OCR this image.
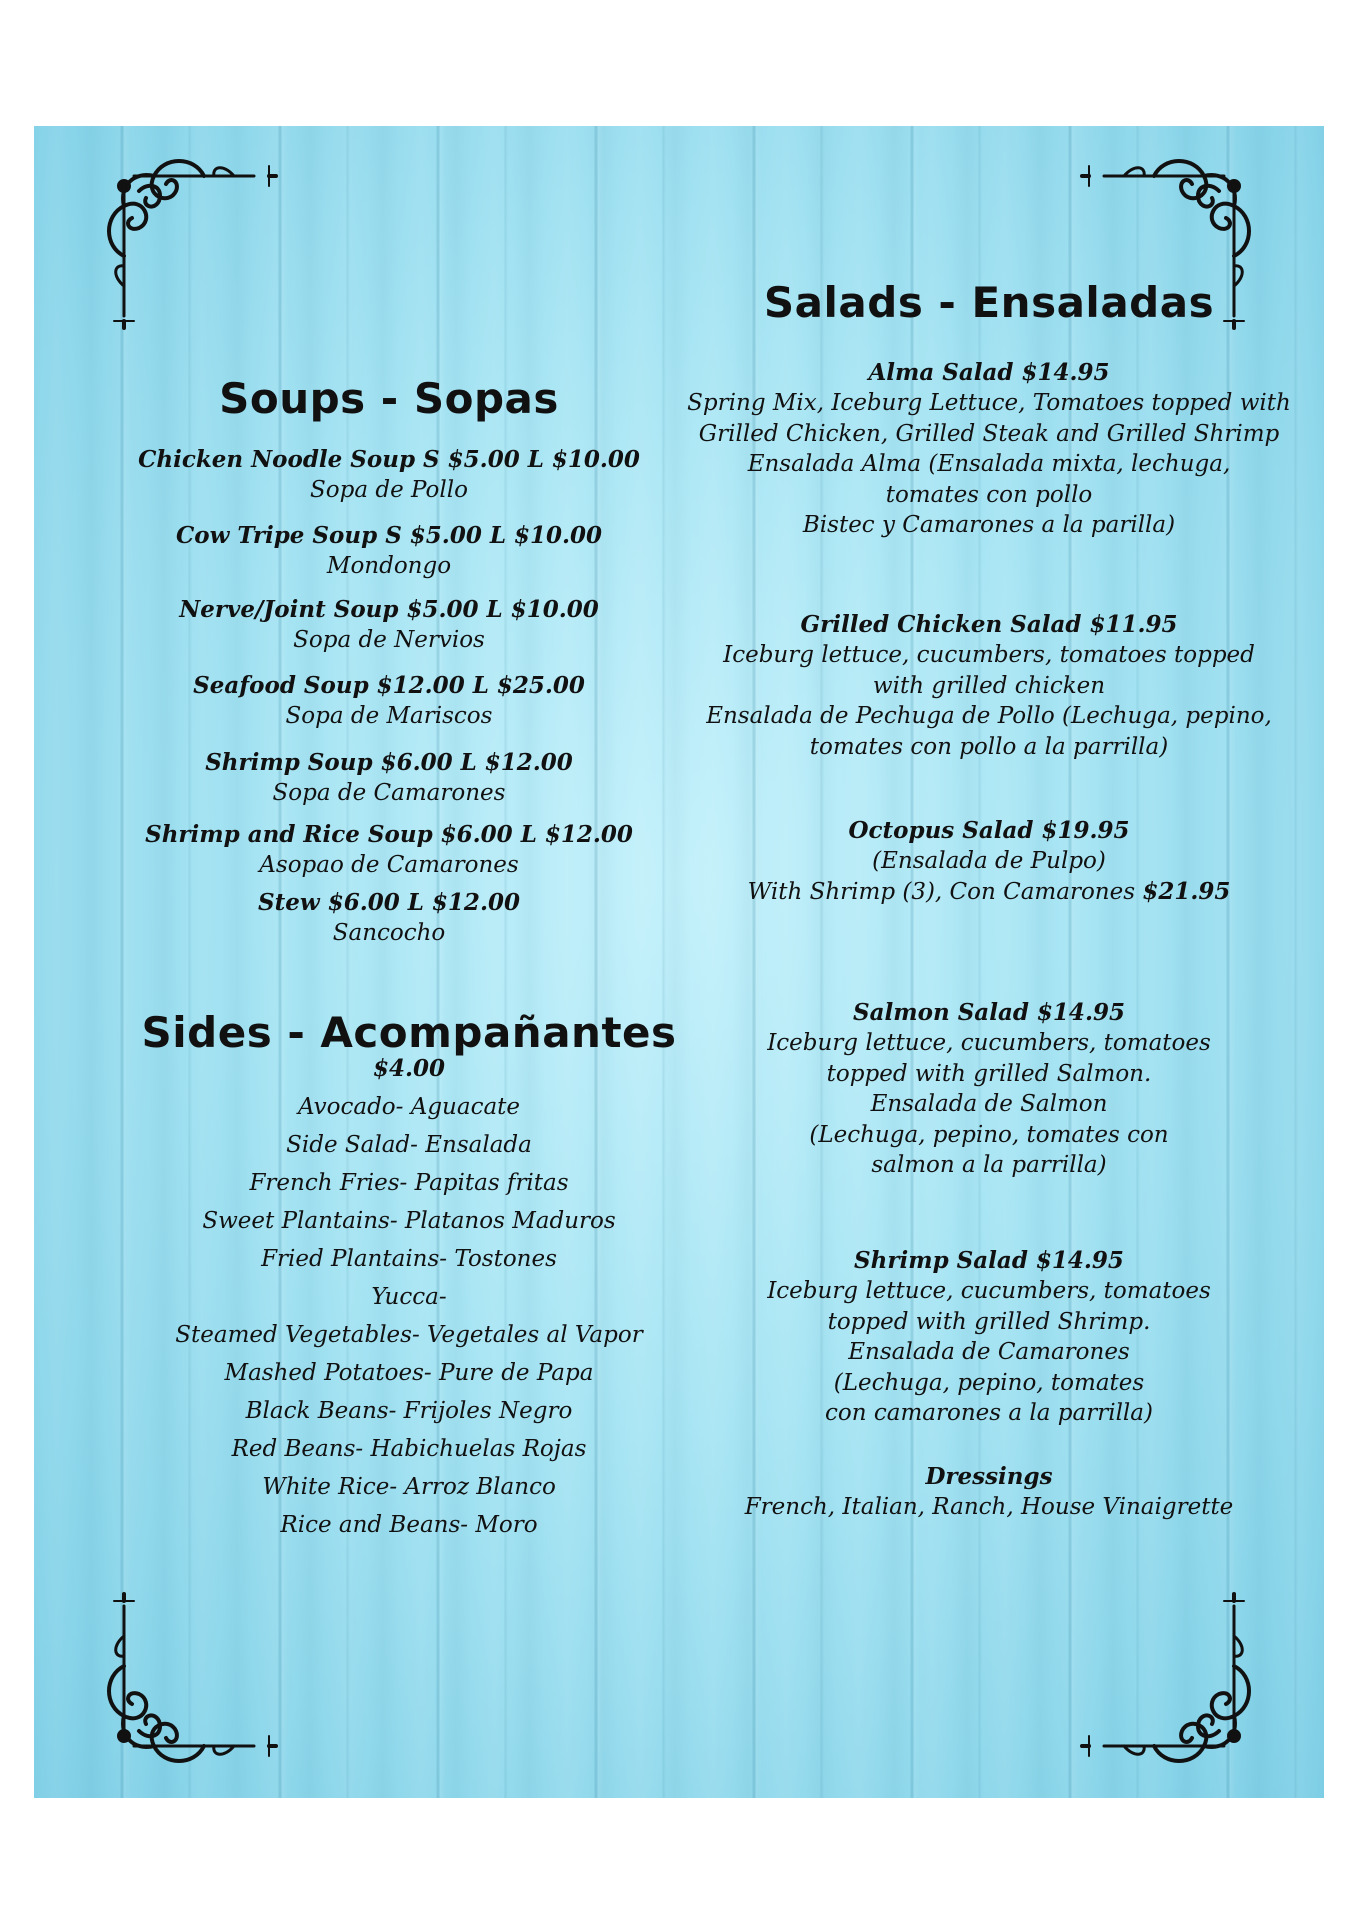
Soups - Sopas
Chicken Noodle Soup S $5.00 L $10.00
Sopa de Pollo
Cow Tripe Soup S $5.00 L $10.00
Mondongo
Nerve/Joint Soup $5.00 L $10.00
Sopa de Nervios
Seafood Soup $12.00 L $25.00
Sopa de Mariscos
Shrimp Soup $6.00 L $12.00
Sopa de Camarones
Shrimp and Rice Soup $6.00 L $12.00
Asopao de Camarones
Stew $6.00 L $12.00
Sancocho
Sides - Acompañantes
$4.00
Avocado- Aguacate
Side Salad- Ensalada
French Fries- Papitas fritas
Sweet Plantains- Platanos Maduros
Fried Plantains- Tostones
Yucca-
Steamed Vegetables- Vegetales al Vapor
Mashed Potatoes- Pure de Papa
Black Beans- Frijoles Negro
Red Beans- Habichuelas Rojas
White Rice- Arroz Blanco
Rice and Beans- Moro
Salads - Ensaladas
Alma Salad $14.95
Spring Mix, Iceburg Lettuce, Tomatoes topped with
Grilled Chicken, Grilled Steak and Grilled Shrimp
Ensalada Alma (Ensalada mixta, lechuga,
tomates con pollo
Bistec y Camarones a la parilla)
Grilled Chicken Salad $11.95
Iceburg lettuce, cucumbers, tomatoes topped
with grilled chicken
Ensalada de Pechuga de Pollo (Lechuga, pepino,
tomates con pollo a la parrilla)
Octopus Salad $19.95
(Ensalada de Pulpo)
With Shrimp (3), Con Camarones $21.95
Salmon Salad $14.95
Iceburg lettuce, cucumbers, tomatoes
topped with grilled Salmon.
Ensalada de Salmon
(Lechuga, pepino, tomates con
salmon a la parrilla)
Shrimp Salad $14.95
Iceburg lettuce, cucumbers, tomatoes
topped with grilled Shrimp.
Ensalada de Camarones
(Lechuga, pepino, tomates
con camarones a la parrilla)
Dressings
French, Italian, Ranch, House Vinaigrette
